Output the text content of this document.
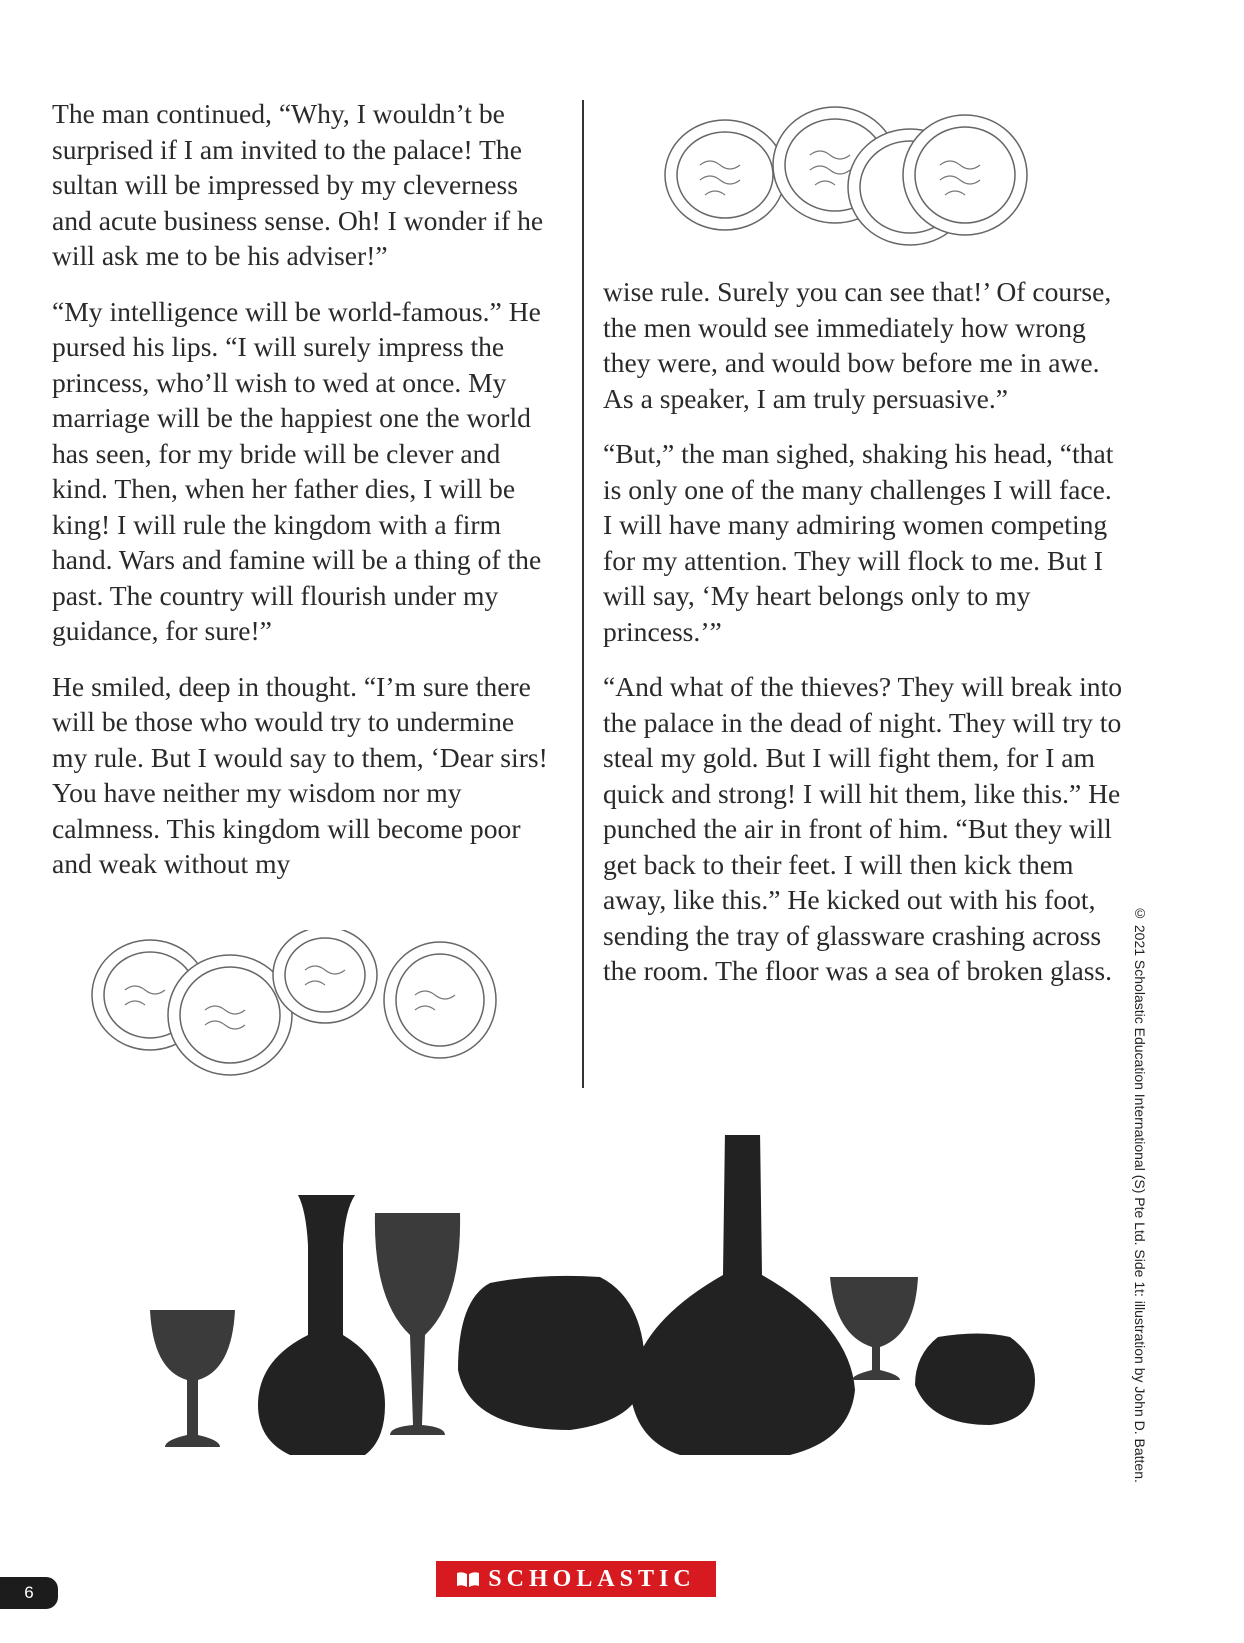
The man continued, “Why, I wouldn’t be surprised if I am invited to the palace! The sultan will be impressed by my cleverness and acute business sense. Oh! I wonder if he will ask me to be his adviser!”

“My intelligence will be world-famous.” He pursed his lips. “I will surely impress the princess, who’ll wish to wed at once. My marriage will be the happiest one the world has seen, for my bride will be clever and kind. Then, when her father dies, I will be king! I will rule the kingdom with a firm hand. Wars and famine will be a thing of the past. The country will flourish under my guidance, for sure!”

He smiled, deep in thought. “I’m sure there will be those who would try to undermine my rule. But I would say to them, ‘Dear sirs! You have neither my wisdom nor my calmness. This kingdom will become poor and weak without my

wise rule. Surely you can see that!’ Of course, the men would see immediately how wrong they were, and would bow before me in awe. As a speaker, I am truly persuasive.”

“But,” the man sighed, shaking his head, “that is only one of the many challenges I will face. I will have many admiring women competing for my attention. They will flock to me. But I will say, ‘My heart belongs only to my princess.’”

“And what of the thieves? They will break into the palace in the dead of night. They will try to steal my gold. But I will fight them, for I am quick and strong! I will hit them, like this.” He punched the air in front of him. “But they will get back to their feet. I will then kick them away, like this.” He kicked out with his foot, sending the tray of glassware crashing across the room. The floor was a sea of broken glass.	© 2021 Scholastic Education International (S) Pte Ltd. Side 1t: illustration by John D. Batten.
6
SCHOLASTIC
